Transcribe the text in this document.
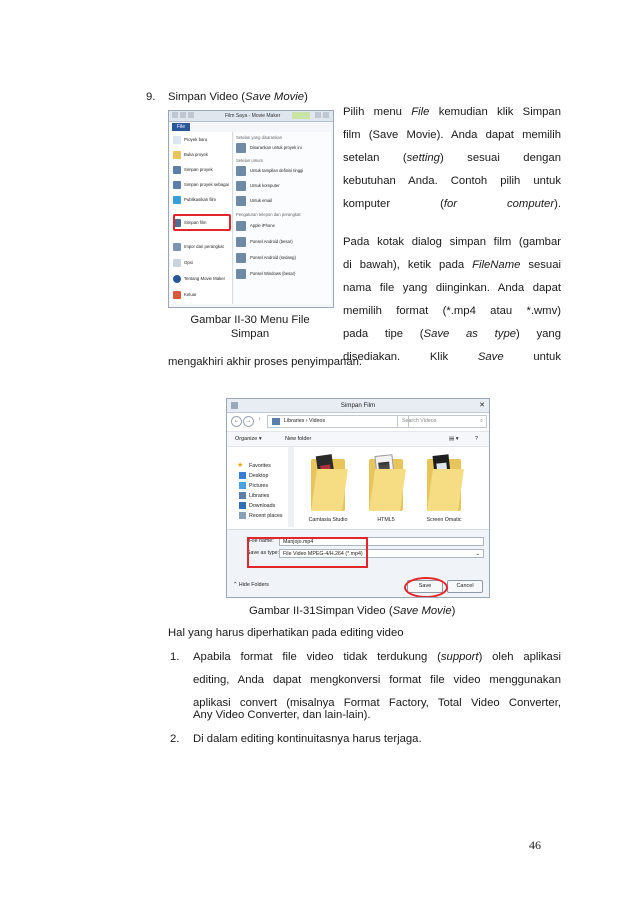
9. Simpan Video (Save Movie)
Film Saya - Movie Maker
File
Proyek baru
Buka proyek
Simpan proyek
Simpan proyek sebagai
Publikasikan film
Simpan film
Impor dari perangkat
Opsi
Tentang Movie Maker
Keluar
Setelan yang disarankan
Disarankan untuk proyek ini
Setelan umum
Untuk tampilan definisi tinggi
Untuk komputer
Untuk email
Pengaturan telepon dan perangkat
Apple iPhone
Ponsel Android (besar)
Ponsel Android (sedang)
Ponsel Windows (besar)
Gambar II-30 Menu File
Simpan
mengakhiri akhir proses penyimpanan.
Simpan Film	✕
←	→	↑	Libraries › Videos	Search Videos	⌕
Organize ▾	New folder	▤ ▾	?
★ Favorites
Desktop
Pictures
Libraries
Downloads
Recent places
Camtasia Studio	HTML5	Screen Omatic
File name:	Manjojo.mp4
Save as type: File Video MPEG-4/H.264 (*.mp4)	⌄
⌃ Hide Folders	Save	Cancel
Gambar II-31Simpan Video (Save Movie)
Hal yang harus diperhatikan pada editing video
1.
Any Video Converter, dan lain-lain).
2. Di dalam editing kontinuitasnya harus terjaga.
46
Pilih menu File kemudian klik Simpan
film (Save Movie). Anda dapat memilih
setelan (setting) sesuai dengan
kebutuhan Anda. Contoh pilih untuk
komputer (for computer).
Pada kotak dialog simpan film (gambar
di bawah), ketik pada FileName sesuai
nama file yang diinginkan. Anda dapat
memilih format (*.mp4 atau *.wmv)
pada tipe (Save as type) yang
disediakan. Klik Save untuk
Apabila format file video tidak terdukung (support) oleh aplikasi
editing, Anda dapat mengkonversi format file video menggunakan
aplikasi convert (misalnya Format Factory, Total Video Converter,
